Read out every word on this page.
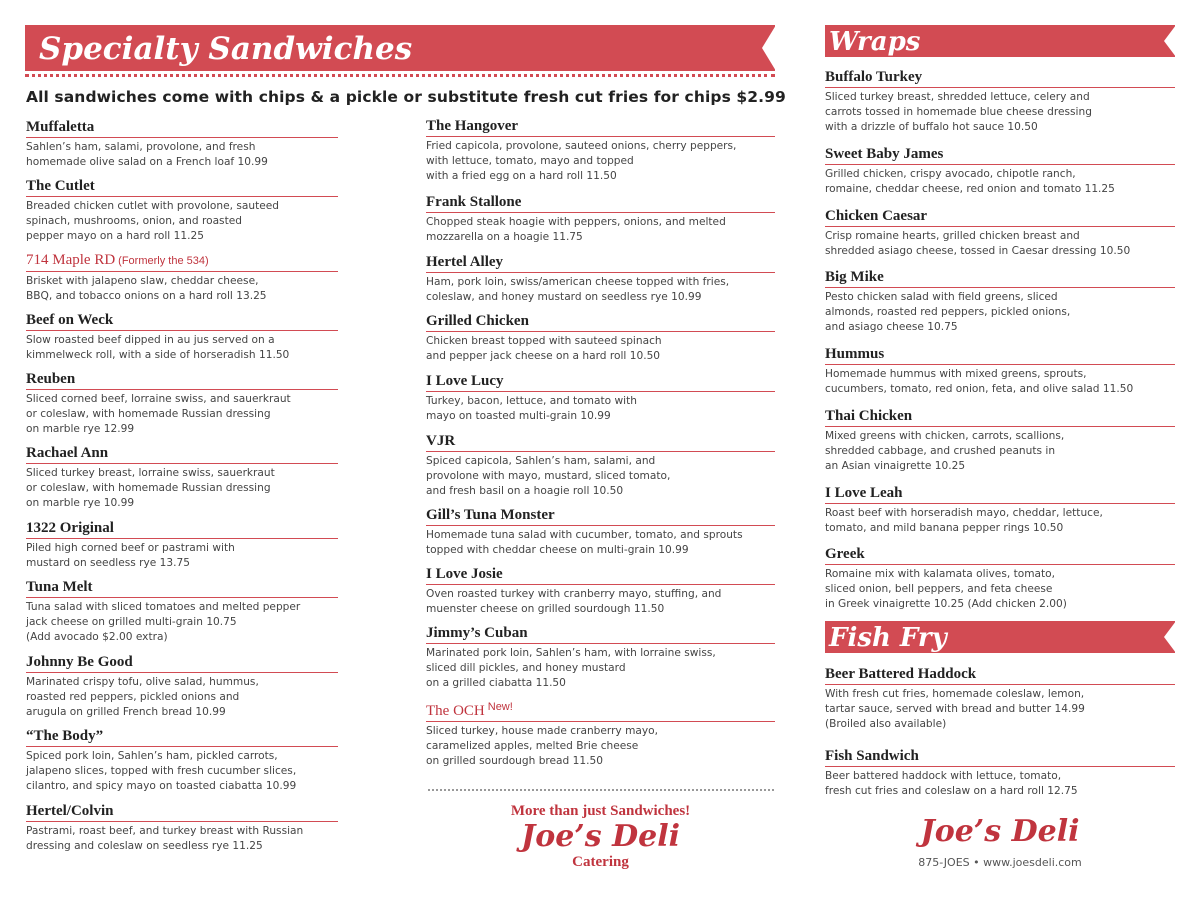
Specialty Sandwiches
All sandwiches come with chips & a pickle or substitute fresh cut fries for chips $2.99
Wraps
Fish Fry
Muffaletta
Sahlen’s ham, salami, provolone, and fresh
homemade olive salad on a French loaf 10.99
The Cutlet
Breaded chicken cutlet with provolone, sauteed
spinach, mushrooms, onion, and roasted
pepper mayo on a hard roll 11.25
714 Maple RD (Formerly the 534)
Brisket with jalapeno slaw, cheddar cheese,
BBQ, and tobacco onions on a hard roll 13.25
Beef on Weck
Slow roasted beef dipped in au jus served on a
kimmelweck roll, with a side of horseradish 11.50
Reuben
Sliced corned beef, lorraine swiss, and sauerkraut
or coleslaw, with homemade Russian dressing
on marble rye 12.99
Rachael Ann
Sliced turkey breast, lorraine swiss, sauerkraut
or coleslaw, with homemade Russian dressing
on marble rye 10.99
1322 Original
Piled high corned beef or pastrami with
mustard on seedless rye 13.75
Tuna Melt
Tuna salad with sliced tomatoes and melted pepper
jack cheese on grilled multi-grain 10.75
(Add avocado $2.00 extra)
Johnny Be Good
Marinated crispy tofu, olive salad, hummus,
roasted red peppers, pickled onions and
arugula on grilled French bread 10.99
“The Body”
Spiced pork loin, Sahlen’s ham, pickled carrots,
jalapeno slices, topped with fresh cucumber slices,
cilantro, and spicy mayo on toasted ciabatta 10.99
Hertel/Colvin
Pastrami, roast beef, and turkey breast with Russian
dressing and coleslaw on seedless rye 11.25
The Hangover
Fried capicola, provolone, sauteed onions, cherry peppers,
with lettuce, tomato, mayo and topped
with a fried egg on a hard roll 11.50
Frank Stallone
Chopped steak hoagie with peppers, onions, and melted
mozzarella on a hoagie 11.75
Hertel Alley
Ham, pork loin, swiss/american cheese topped with fries,
coleslaw, and honey mustard on seedless rye 10.99
Grilled Chicken
Chicken breast topped with sauteed spinach
and pepper jack cheese on a hard roll 10.50
I Love Lucy
Turkey, bacon, lettuce, and tomato with
mayo on toasted multi-grain 10.99
VJR
Spiced capicola, Sahlen’s ham, salami, and
provolone with mayo, mustard, sliced tomato,
and fresh basil on a hoagie roll 10.50
Gill’s Tuna Monster
Homemade tuna salad with cucumber, tomato, and sprouts
topped with cheddar cheese on multi-grain 10.99
I Love Josie
Oven roasted turkey with cranberry mayo, stuffing, and
muenster cheese on grilled sourdough 11.50
Jimmy’s Cuban
Marinated pork loin, Sahlen’s ham, with lorraine swiss,
sliced dill pickles, and honey mustard
on a grilled ciabatta 11.50
The OCH $^{New!}$
Sliced turkey, house made cranberry mayo,
caramelized apples, melted Brie cheese
on grilled sourdough bread 11.50
More than just Sandwiches!
Joe’s Deli
Catering
Buffalo Turkey
Sliced turkey breast, shredded lettuce, celery and
carrots tossed in homemade blue cheese dressing
with a drizzle of buffalo hot sauce 10.50
Sweet Baby James
Grilled chicken, crispy avocado, chipotle ranch,
romaine, cheddar cheese, red onion and tomato 11.25
Chicken Caesar
Crisp romaine hearts, grilled chicken breast and
shredded asiago cheese, tossed in Caesar dressing 10.50
Big Mike
Pesto chicken salad with field greens, sliced
almonds, roasted red peppers, pickled onions,
and asiago cheese 10.75
Hummus
Homemade hummus with mixed greens, sprouts,
cucumbers, tomato, red onion, feta, and olive salad 11.50
Thai Chicken
Mixed greens with chicken, carrots, scallions,
shredded cabbage, and crushed peanuts in
an Asian vinaigrette 10.25
I Love Leah
Roast beef with horseradish mayo, cheddar, lettuce,
tomato, and mild banana pepper rings 10.50
Greek
Romaine mix with kalamata olives, tomato,
sliced onion, bell peppers, and feta cheese
in Greek vinaigrette 10.25 (Add chicken 2.00)
Beer Battered Haddock
With fresh cut fries, homemade coleslaw, lemon,
tartar sauce, served with bread and butter 14.99
(Broiled also available)
Fish Sandwich
Beer battered haddock with lettuce, tomato,
fresh cut fries and coleslaw on a hard roll 12.75
Joe’s Deli
875-JOES • www.joesdeli.com
